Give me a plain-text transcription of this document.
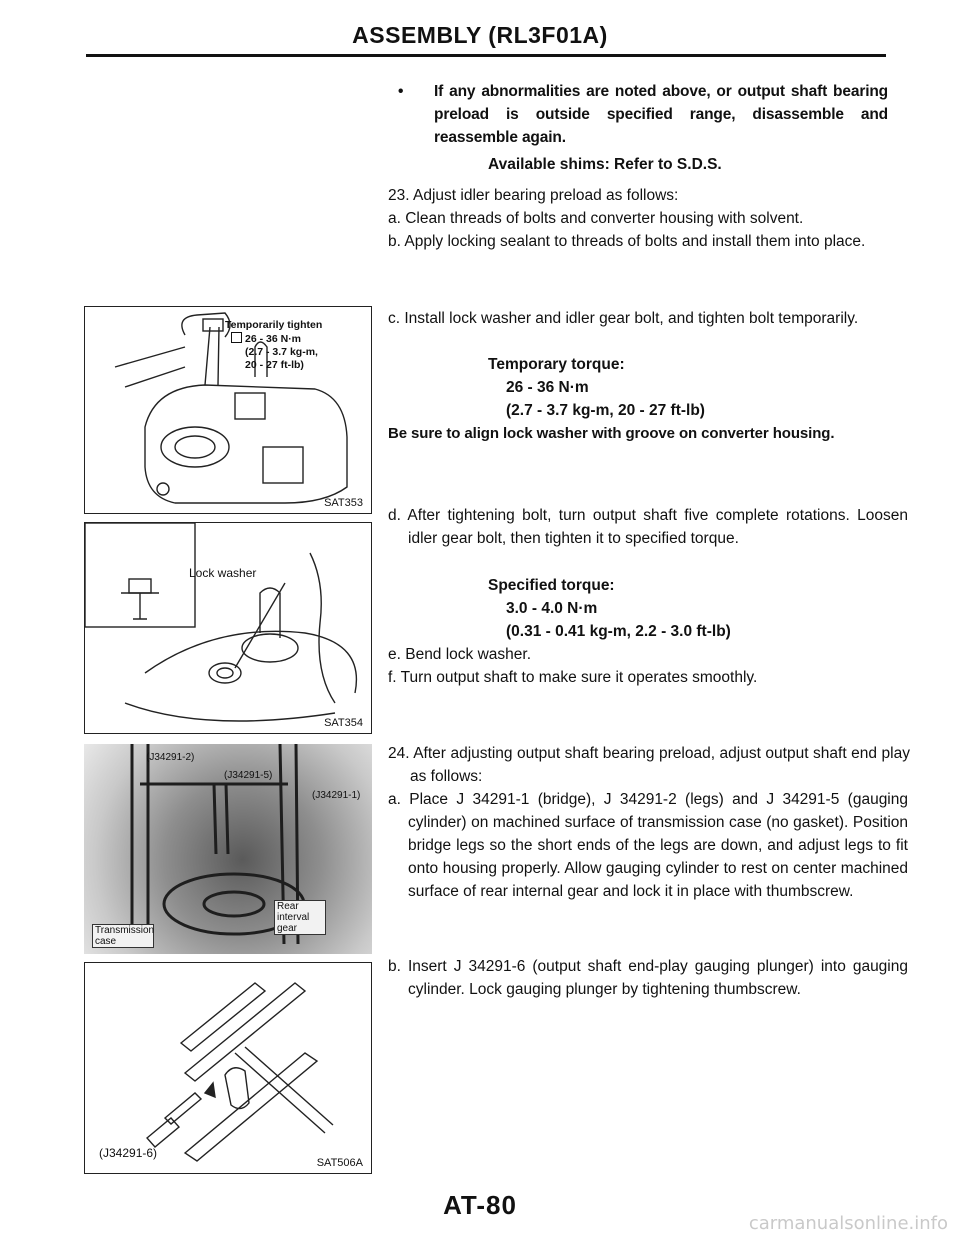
ASSEMBLY (RL3F01A)
•	If any abnormalities are noted above, or output shaft bearing preload is outside specified range, disassemble and reassemble again.

Available shims: Refer to S.D.S.

23. Adjust idler bearing preload as follows:

a. Clean threads of bolts and converter housing with solvent.

b. Apply locking sealant to threads of bolts and install them into place.

c. Install lock washer and idler gear bolt, and tighten bolt temporarily.

Temporary torque:

26 - 36 N·m

(2.7 - 3.7 kg-m, 20 - 27 ft-lb)

Be sure to align lock washer with groove on converter housing.

d. After tightening bolt, turn output shaft five complete rotations. Loosen idler gear bolt, then tighten it to specified torque.

Specified torque:

3.0 - 4.0 N·m

(0.31 - 0.41 kg-m, 2.2 - 3.0 ft-lb)

e. Bend lock washer.

f. Turn output shaft to make sure it operates smoothly.

24. After adjusting output shaft bearing preload, adjust output shaft end play as follows:

a. Place J 34291-1 (bridge), J 34291-2 (legs) and J 34291-5 (gauging cylinder) on machined surface of transmission case (no gasket). Position bridge legs so the short ends of the legs are down, and adjust legs to fit onto housing properly. Allow gauging cylinder to rest on center machined surface of rear internal gear and lock it in place with thumbscrew.

b. Insert J 34291-6 (output shaft end-play gauging plunger) into gauging cylinder. Lock gauging plunger by tightening thumbscrew.

Temporarily tighten
26 - 36 N·m
(2.7 - 3.7 kg-m,
20 - 27 ft-lb)
SAT353
Lock washer
SAT354
(J34291-2)
(J34291-5)
(J34291-1)
Rear interval gear
Transmission case
(J34291-6)
SAT506A
AT-80
carmanualsonline.info
